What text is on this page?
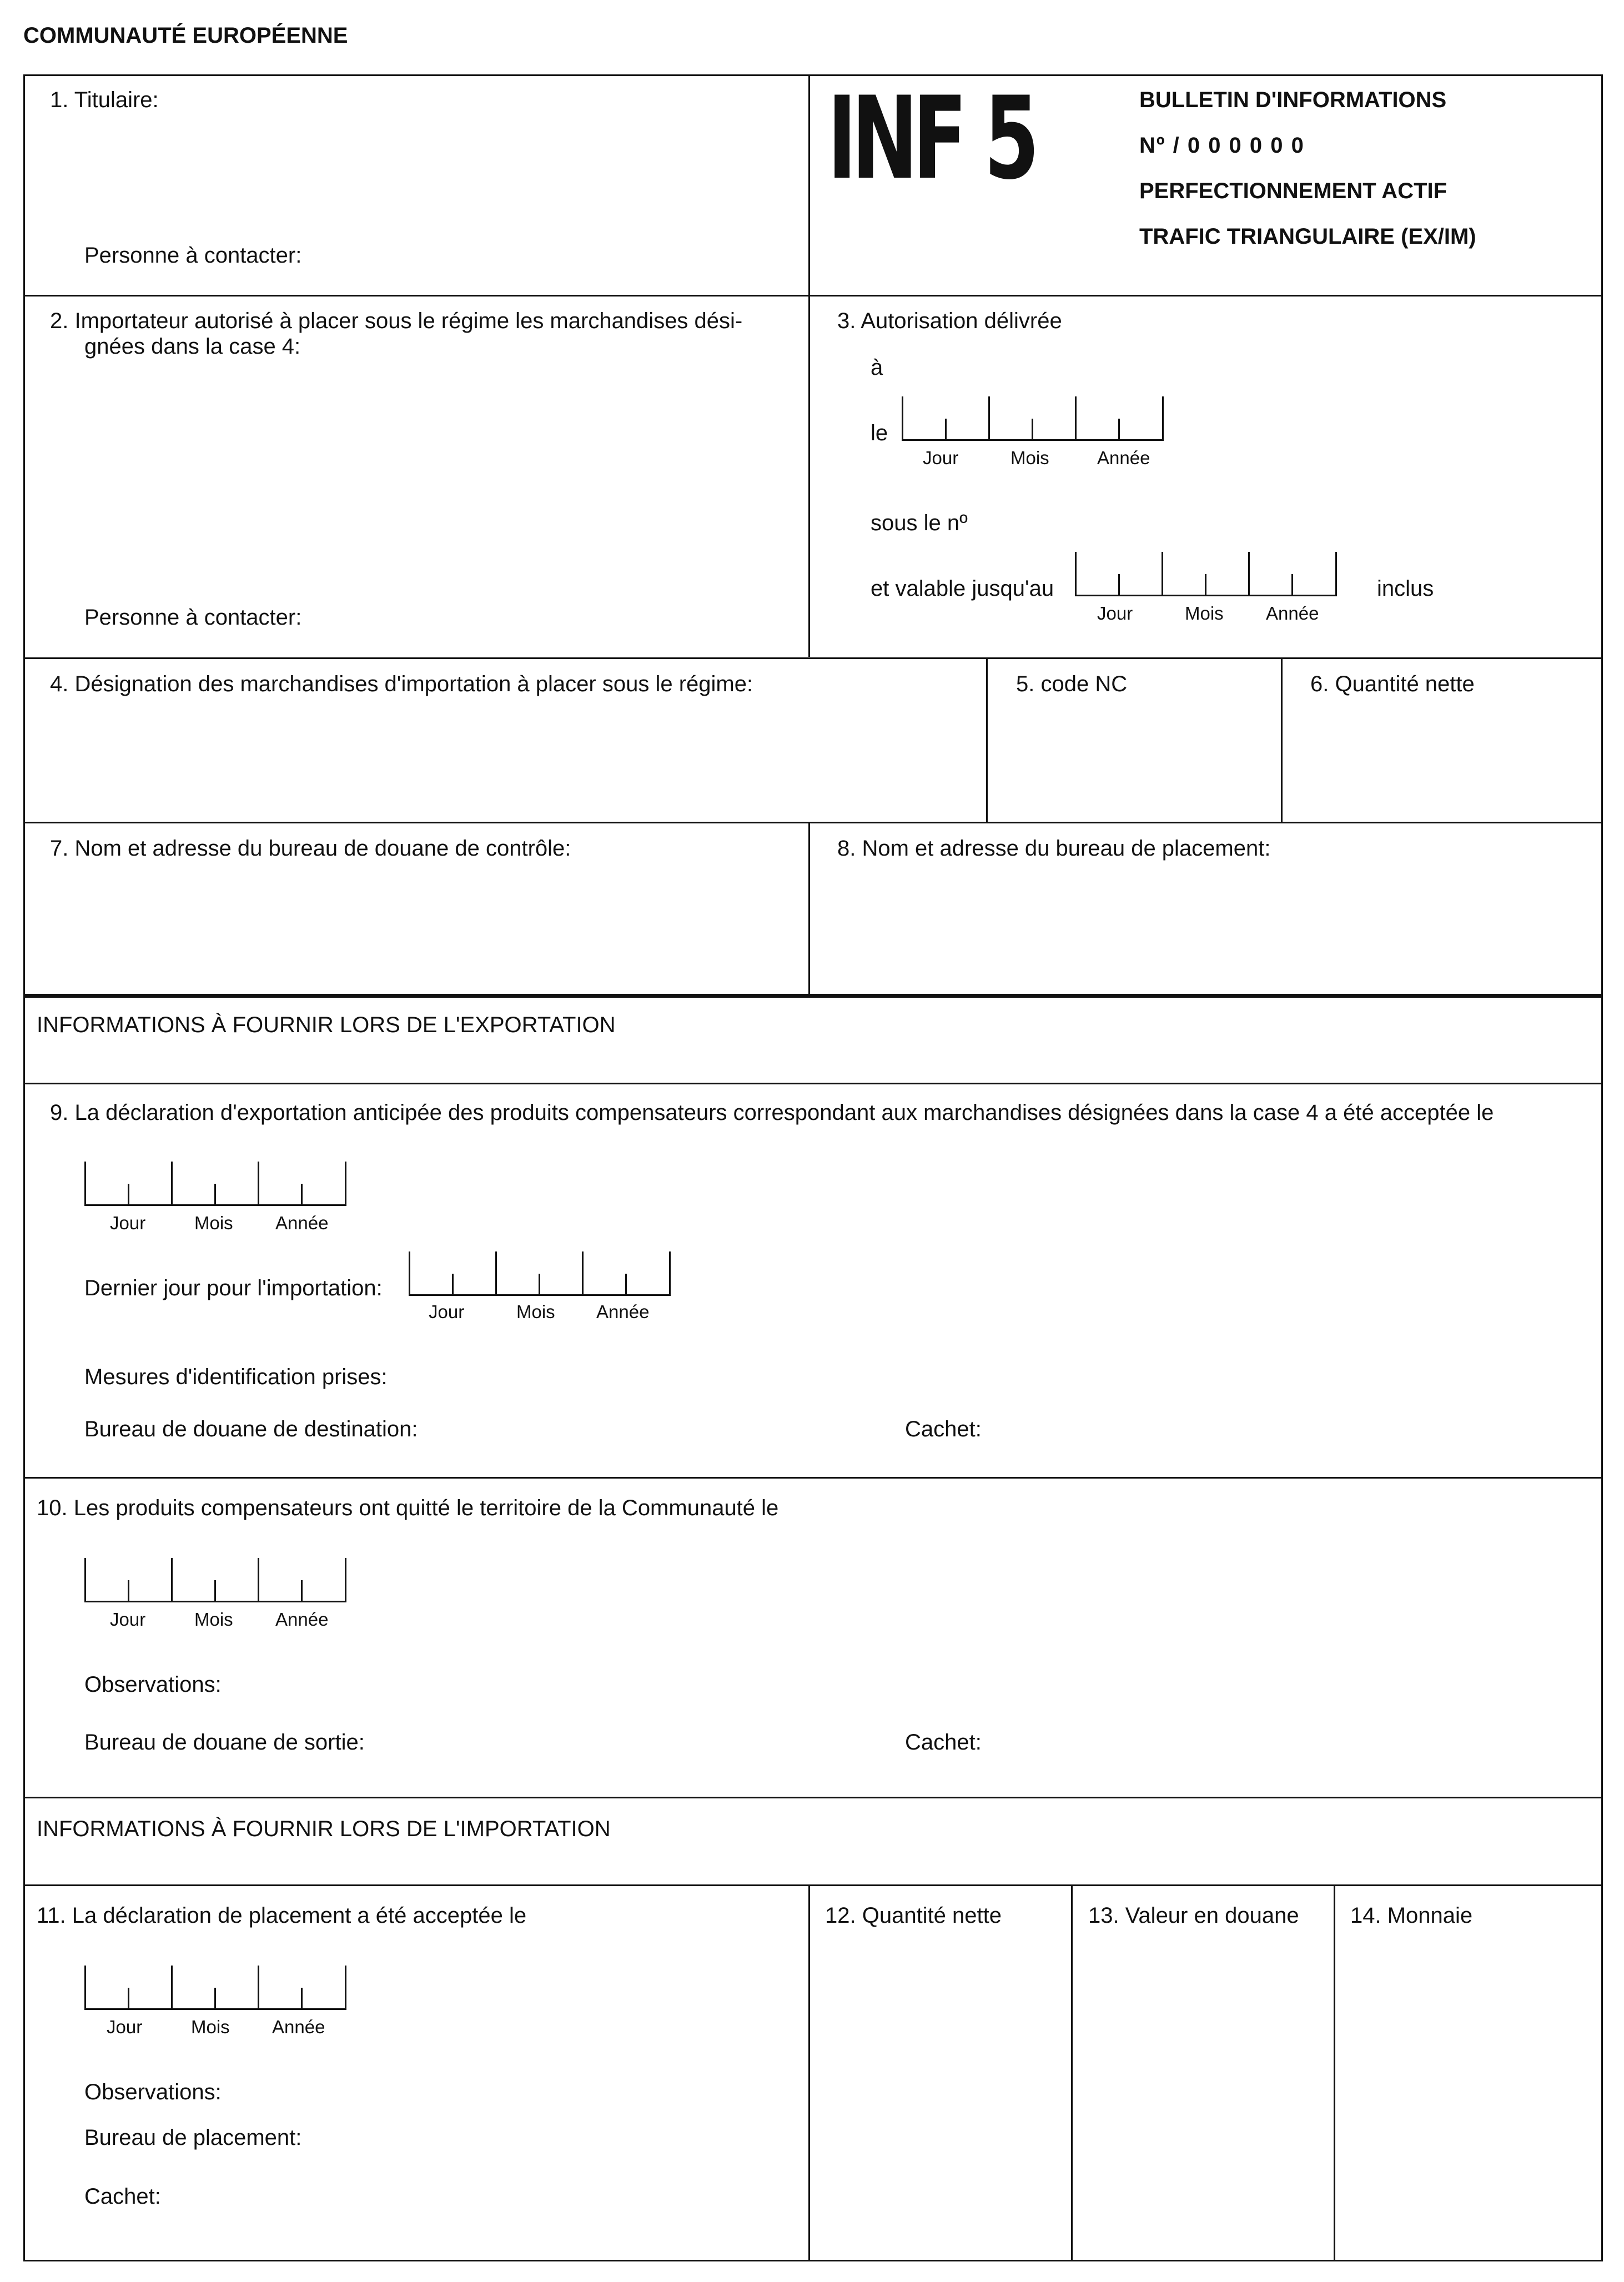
COMMUNAUTÉ EUROPÉENNE
1. Titulaire:
Personne à contacter:
INF 5	BULLETIN D'INFORMATIONS
Nº / 0 0 0 0 0 0
PERFECTIONNEMENT ACTIF
TRAFIC TRIANGULAIRE (EX/IM)
2. Importateur autorisé à placer sous le régime les marchandises dési-
gnées dans la case 4:
Personne à contacter:
3. Autorisation délivrée
à
le
Jour	Mois	Année
sous le nº
et valable jusqu'au
Jour	Mois Année
inclus
4. Désignation des marchandises d'importation à placer sous le régime:	5. code NC	6. Quantité nette
7. Nom et adresse du bureau de douane de contrôle:	8. Nom et adresse du bureau de placement:
INFORMATIONS À FOURNIR LORS DE L'EXPORTATION
9. La déclaration d'exportation anticipée des produits compensateurs correspondant aux marchandises désignées dans la case 4 a été acceptée le
Jour	Mois Année
Dernier jour pour l'importation:
Jour	Mois Année
Mesures d'identification prises:
Bureau de douane de destination:	Cachet:
10. Les produits compensateurs ont quitté le territoire de la Communauté le
Jour	Mois Année
Observations:
Bureau de douane de sortie:	Cachet:
INFORMATIONS À FOURNIR LORS DE L'IMPORTATION
11. La déclaration de placement a été acceptée le
Jour	Mois Année
Observations:
Bureau de placement:
Cachet:
12. Quantité nette	13. Valeur en douane 14. Monnaie
